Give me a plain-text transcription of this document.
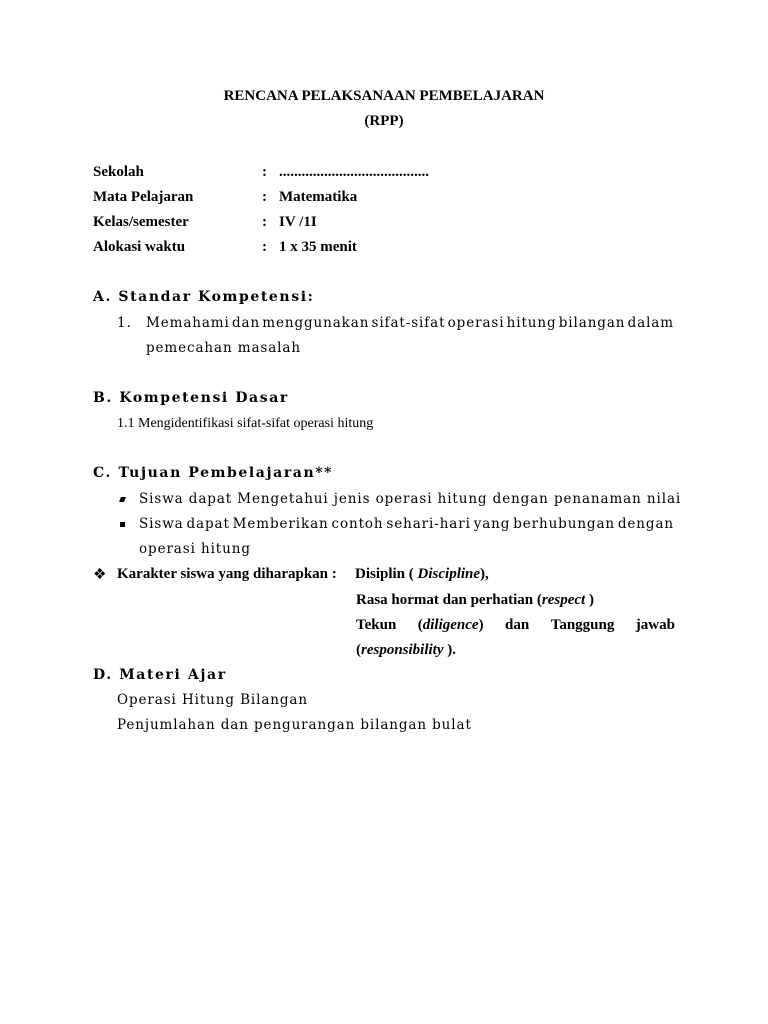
RENCANA PELAKSANAAN PEMBELAJARAN
(RPP)
Sekolah	: ........................................
Mata Pelajaran	: Matematika
Kelas/semester	: IV /1I
Alokasi waktu	: 1 x 35 menit
A. Standar Kompetensi:
1. Memahami dan menggunakan sifat-sifat operasi hitung bilangan dalam
pemecahan masalah
B. Kompetensi Dasar
1.1 Mengidentifikasi sifat-sifat operasi hitung
C. Tujuan Pembelajaran**
Siswa dapat Mengetahui jenis operasi hitung dengan penanaman nilai
Siswa dapat Memberikan contoh sehari-hari yang berhubungan dengan
operasi hitung
❖ Karakter siswa yang diharapkan : Disiplin ( Discipline),
Rasa hormat dan perhatian (respect )
Tekun (diligence) dan Tanggung jawab
(responsibility ).
D. Materi Ajar
Operasi Hitung Bilangan
Penjumlahan dan pengurangan bilangan bulat
